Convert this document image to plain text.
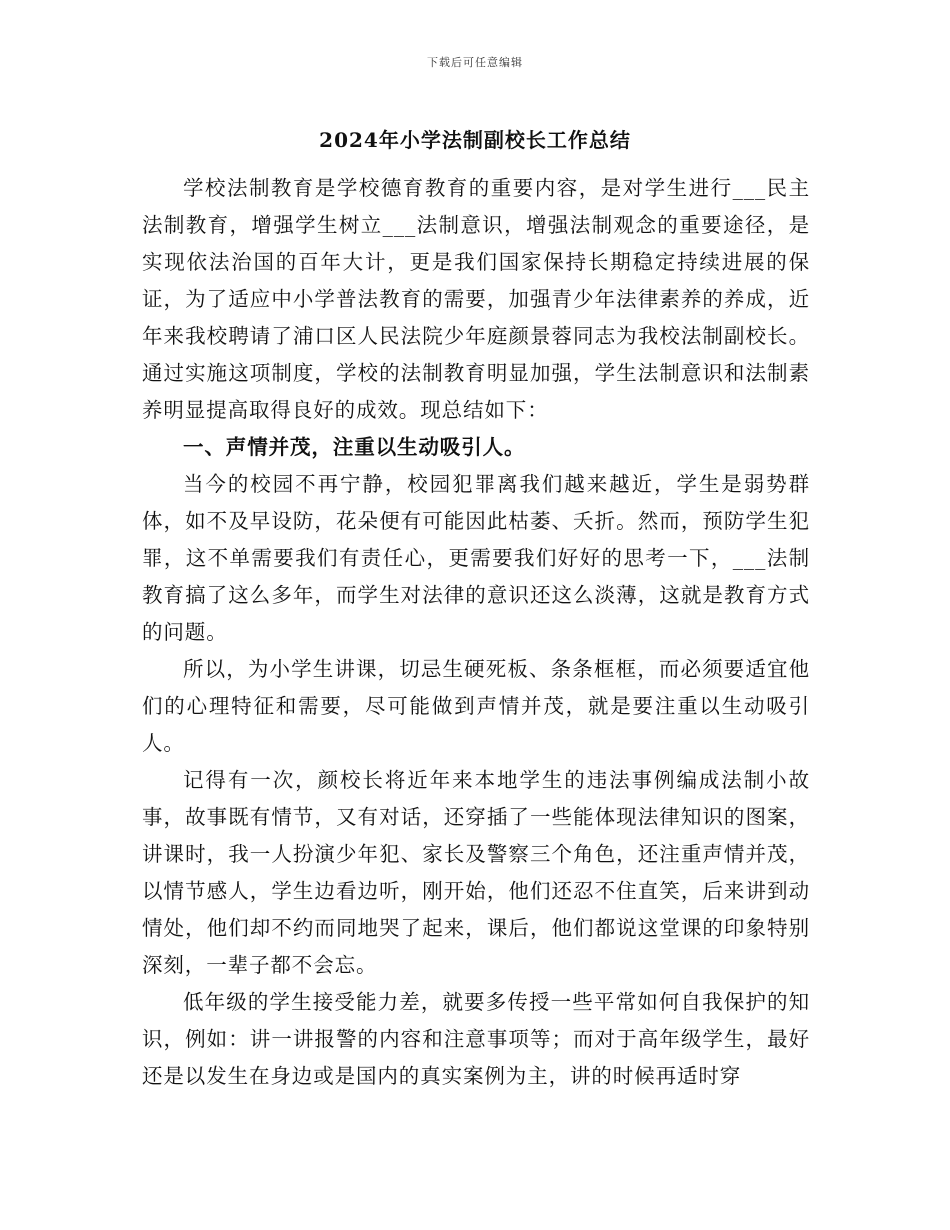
下载后可任意编辑
2024年小学法制副校长工作总结

学校法制教育是学校德育教育的重要内容，是对学生进行___民主法制教育，增强学生树立___法制意识，增强法制观念的重要途径，是实现依法治国的百年大计，更是我们国家保持长期稳定持续进展的保证，为了适应中小学普法教育的需要，加强青少年法律素养的养成，近年来我校聘请了浦口区人民法院少年庭颜景蓉同志为我校法制副校长。通过实施这项制度，学校的法制教育明显加强，学生法制意识和法制素养明显提高取得良好的成效。现总结如下：

一、声情并茂，注重以生动吸引人。

当今的校园不再宁静，校园犯罪离我们越来越近，学生是弱势群体，如不及早设防，花朵便有可能因此枯萎、夭折。然而，预防学生犯罪，这不单需要我们有责任心，更需要我们好好的思考一下，___法制教育搞了这么多年，而学生对法律的意识还这么淡薄，这就是教育方式的问题。

所以，为小学生讲课，切忌生硬死板、条条框框，而必须要适宜他们的心理特征和需要，尽可能做到声情并茂，就是要注重以生动吸引人。

记得有一次，颜校长将近年来本地学生的违法事例编成法制小故事，故事既有情节，又有对话，还穿插了一些能体现法律知识的图案，讲课时，我一人扮演少年犯、家长及警察三个角色，还注重声情并茂，以情节感人，学生边看边听，刚开始，他们还忍不住直笑，后来讲到动情处，他们却不约而同地哭了起来，课后，他们都说这堂课的印象特别深刻，一辈子都不会忘。

低年级的学生接受能力差，就要多传授一些平常如何自我保护的知识，例如：讲一讲报警的内容和注意事项等；而对于高年级学生，最好还是以发生在身边或是国内的真实案例为主，讲的时候再适时穿
